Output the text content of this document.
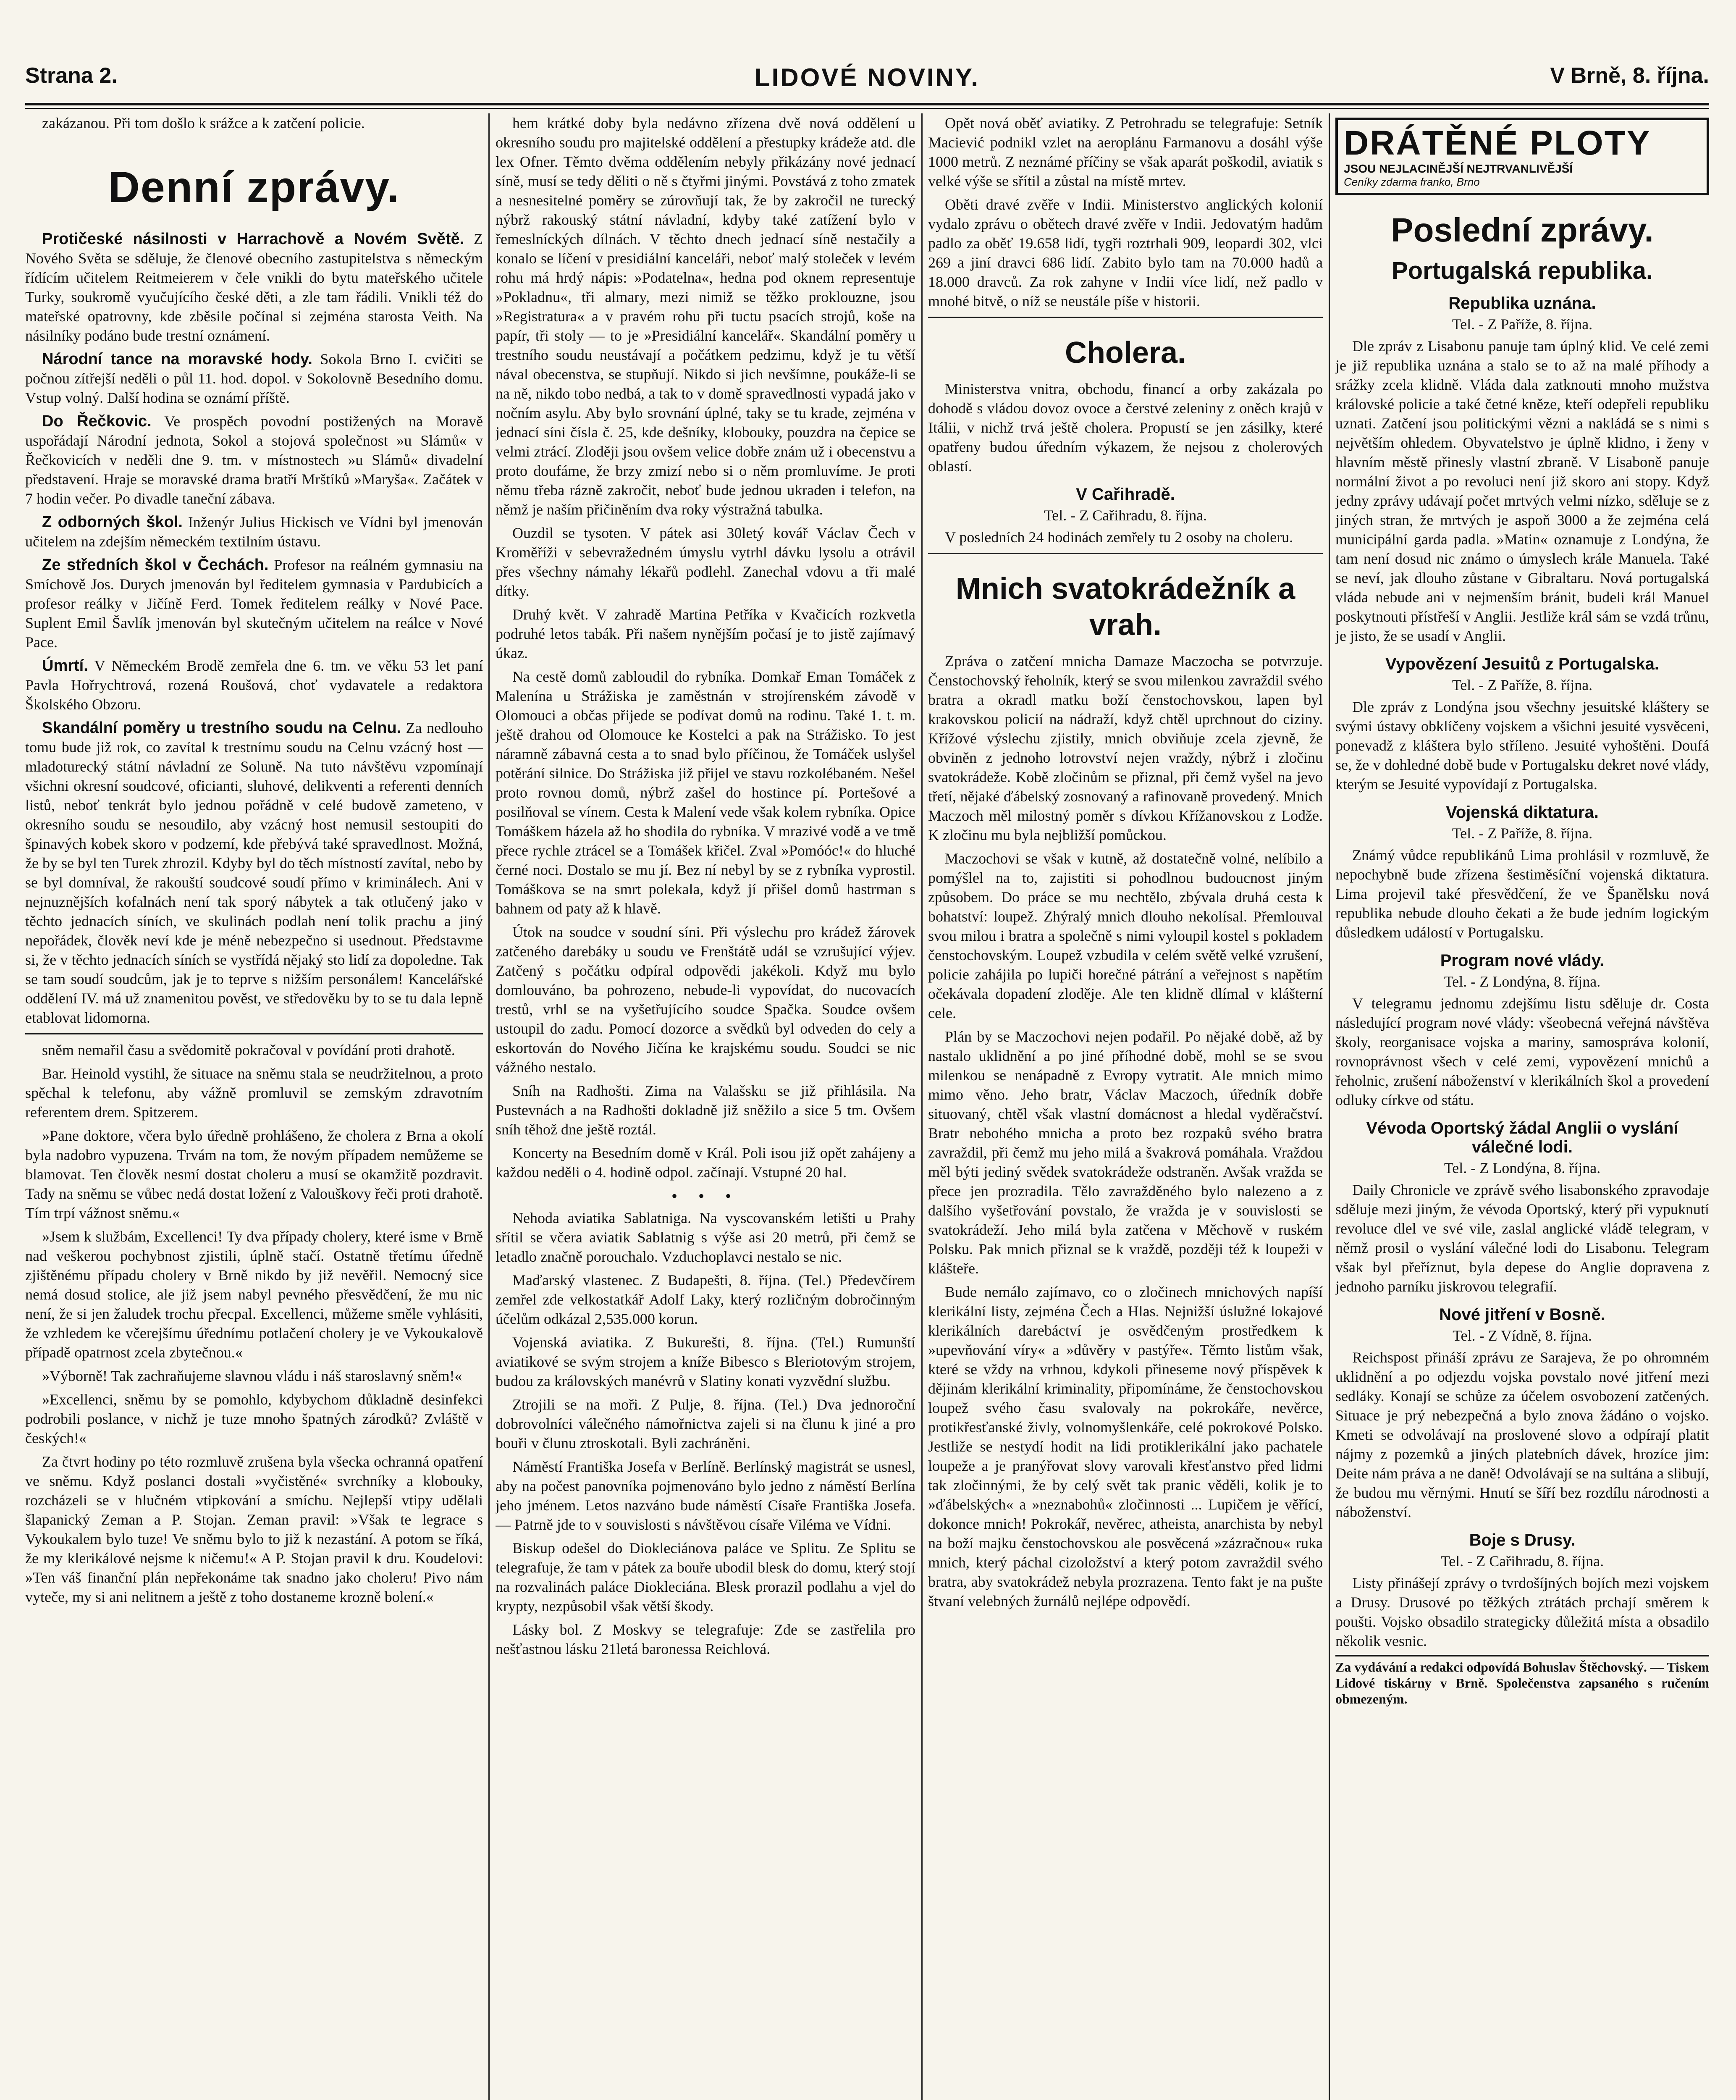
LIDOVÉ NOVINY.
Strana 2.	V Brně, 8. října.

zakázanou. Při tom došlo k srážce a k zatčení policie.

Denní zprávy.

Protičeské násilnosti v Harrachově a Novém Světě. Z Nového Světa se sděluje, že členové obecního zastupitelstva s německým řídícím učitelem Reitmeierem v čele vnikli do bytu mateřského učitele Turky, soukromě vyučujícího české děti, a zle tam řádili. Vnikli též do mateřské opatrovny, kde zběsile počínal si zejména starosta Veith. Na násilníky podáno bude trestní oznámení.

Národní tance na moravské hody. Sokola Brno I. cvičiti se počnou zítřejší neděli o půl 11. hod. dopol. v Sokolovně Besedního domu. Vstup volný. Další hodina se oznámí příště.

Do Řečkovic. Ve prospěch povodní postižených na Moravě uspořádají Národní jednota, Sokol a stojová společnost »u Slámů« v Řečkovicích v neděli dne 9. tm. v místnostech »u Slámů« divadelní představení. Hraje se moravské drama bratří Mrštíků »Maryša«. Začátek v 7 hodin večer. Po divadle taneční zábava.

Z odborných škol. Inženýr Julius Hickisch ve Vídni byl jmenován učitelem na zdejším německém textilním ústavu.

Ze středních škol v Čechách. Profesor na reálném gymnasiu na Smíchově Jos. Durych jmenován byl ředitelem gymnasia v Pardubicích a profesor reálky v Jičíně Ferd. Tomek ředitelem reálky v Nové Pace. Suplent Emil Šavlík jmenován byl skutečným učitelem na reálce v Nové Pace.

Úmrtí. V Německém Brodě zemřela dne 6. tm. ve věku 53 let paní Pavla Hořrychtrová, rozená Roušová, choť vydavatele a redaktora Školského Obzoru.

Skandální poměry u trestního soudu na Celnu. Za nedlouho tomu bude již rok, co zavítal k trestnímu soudu na Celnu vzácný host — mladoturecký státní návladní ze Soluně. Na tuto návštěvu vzpomínají všichni okresní soudcové, oficianti, sluhové, delikventi a referenti denních listů, neboť tenkrát bylo jednou pořádně v celé budově zameteno, v okresního soudu se nesoudilo, aby vzácný host nemusil sestoupiti do špinavých kobek skoro v podzemí, kde přebývá také spravedlnost. Možná, že by se byl ten Turek zhrozil. Kdyby byl do těch místností zavítal, nebo by se byl domníval, že rakouští soudcové soudí přímo v kriminálech. Ani v nejnuznějších kofalnách není tak sporý nábytek a tak otlučený jako v těchto jednacích síních, ve skulinách podlah není tolik prachu a jiný nepořádek, člověk neví kde je méně nebezpečno si usednout. Představme si, že v těchto jednacích síních se vystřídá nějaký sto lidí za dopoledne. Tak se tam soudí soudcům, jak je to teprve s nižším personálem! Kancelářské oddělení IV. má už znamenitou pověst, ve středověku by to se tu dala lepně etablovat lidomorna.

sněm nemařil času a svědomitě pokračoval v povídání proti drahotě.

Bar. Heinold vystihl, že situace na sněmu stala se neudržitelnou, a proto spěchal k telefonu, aby vážně promluvil se zemským zdravotním referentem drem. Spitzerem.

»Pane doktore, včera bylo úředně prohlášeno, že cholera z Brna a okolí byla nadobro vypuzena. Trvám na tom, že novým případem nemůžeme se blamovat. Ten člověk nesmí dostat choleru a musí se okamžitě pozdravit. Tady na sněmu se vůbec nedá dostat ložení z Valouškovy řeči proti drahotě. Tím trpí vážnost sněmu.«

»Jsem k službám, Excellenci! Ty dva případy cholery, které isme v Brně nad veškerou pochybnost zjistili, úplně stačí. Ostatně třetímu úředně zjištěnému případu cholery v Brně nikdo by již nevěřil. Nemocný sice nemá dosud stolice, ale již jsem nabyl pevného přesvědčení, že mu nic není, že si jen žaludek trochu přecpal. Excellenci, můžeme směle vyhlásiti, že vzhledem ke včerejšímu úřednímu potlačení cholery je ve Vykoukalově případě opatrnost zcela zbytečnou.«

»Výborně! Tak zachraňujeme slavnou vládu i náš staroslavný sněm!«

»Excellenci, sněmu by se pomohlo, kdybychom důkladně desinfekci podrobili poslance, v nichž je tuze mnoho špatných zárodků? Zvláště v českých!«

Za čtvrt hodiny po této rozmluvě zrušena byla všecka ochranná opatření ve sněmu. Když poslanci dostali »vyčistěné« svrchníky a klobouky, rozcházeli se v hlučném vtipkování a smíchu. Nejlepší vtipy udělali šlapanický Zeman a P. Stojan. Zeman pravil: »Však te legrace s Vykoukalem bylo tuze! Ve sněmu bylo to již k nezastání. A potom se říká, že my klerikálové nejsme k ničemu!« A P. Stojan pravil k dru. Koudelovi: »Ten váš finanční plán nepřekonáme tak snadno jako choleru! Pivo nám vyteče, my si ani nelitnem a ještě z toho dostaneme krozně bolení.«

hem krátké doby byla nedávno zřízena dvě nová oddělení u okresního soudu pro majitelské oddělení a přestupky krádeže atd. dle lex Ofner. Těmto dvěma oddělením nebyly přikázány nové jednací síně, musí se tedy děliti o ně s čtyřmi jinými. Povstává z toho zmatek a nesnesitelné poměry se zúrovňují tak, že by zakročil ne turecký nýbrž rakouský státní návladní, kdyby také zatížení bylo v řemeslníckých dílnách. V těchto dnech jednací síně nestačily a konalo se líčení v presidiální kanceláři, neboť malý stoleček v levém rohu má hrdý nápis: »Podatelna«, hedna pod oknem representuje »Pokladnu«, tři almary, mezi nimiž se těžko proklouzne, jsou »Registratura« a v pravém rohu při tuctu psacích strojů, koše na papír, tři stoly — to je »Presidiální kancelář«. Skandální poměry u trestního soudu neustávají a počátkem pedzimu, když je tu větší nával obecenstva, se stupňují. Nikdo si jich nevšímne, poukáže-li se na ně, nikdo tobo nedbá, a tak to v domě spravedlnosti vypadá jako v nočním asylu. Aby bylo srovnání úplné, taky se tu krade, zejména v jednací síni čísla č. 25, kde dešníky, klobouky, pouzdra na čepice se velmi ztrácí. Zloději jsou ovšem velice dobře znám už i obecenstvu a proto doufáme, že brzy zmizí nebo si o něm promluvíme. Je proti němu třeba rázně zakročit, neboť bude jednou ukraden i telefon, na němž je naším přičiněním dva roky výstražná tabulka.

Ouzdil se tysoten. V pátek asi 30letý kovář Václav Čech v Kroměříži v sebevražedném úmyslu vytrhl dávku lysolu a otrávil přes všechny námahy lékařů podlehl. Zanechal vdovu a tři malé dítky.

Druhý květ. V zahradě Martina Petříka v Kvačicích rozkvetla podruhé letos tabák. Při našem nynějším počasí je to jistě zajímavý úkaz.

Na cestě domů zabloudil do rybníka. Domkař Eman Tomáček z Malenína u Strážiska je zaměstnán v strojírenském závodě v Olomouci a občas přijede se podívat domů na rodinu. Také 1. t. m. ještě drahou od Olomouce ke Kostelci a pak na Strážisko. To jest náramně zábavná cesta a to snad bylo příčinou, že Tomáček uslyšel potěrání silnice. Do Strážiska již přijel ve stavu rozkolébaném. Nešel proto rovnou domů, nýbrž zašel do hostince pí. Portešové a posilňoval se vínem. Cesta k Malení vede však kolem rybníka. Opice Tomáškem házela až ho shodila do rybníka. V mrazivé vodě a ve tmě přece rychle ztrácel se a Tomášek křičel. Zval »Pomóóc!« do hluché černé noci. Dostalo se mu jí. Bez ní nebyl by se z rybníka vyprostil. Tomáškova se na smrt polekala, když jí přišel domů hastrman s bahnem od paty až k hlavě.

Útok na soudce v soudní síni. Při výslechu pro krádež žárovek zatčeného darebáky u soudu ve Frenštátě udál se vzrušující výjev. Zatčený s počátku odpíral odpovědi jakékoli. Když mu bylo domlouváno, ba pohrozeno, nebude-li vypovídat, do nucovacích trestů, vrhl se na vyšetřujícího soudce Spačka. Soudce ovšem ustoupil do zadu. Pomocí dozorce a svědků byl odveden do cely a eskortován do Nového Jičína ke krajskému soudu. Soudci se nic vážného nestalo.

Sníh na Radhošti. Zima na Valašsku se již přihlásila. Na Pustevnách a na Radhošti dokladně již sněžilo a sice 5 tm. Ovšem sníh těhož dne ještě roztál.

Koncerty na Besedním domě v Král. Poli isou již opět zahájeny a každou neděli o 4. hodině odpol. začínají. Vstupné 20 hal.

• • •

Nehoda aviatika Sablatniga. Na vyscovanském letišti u Prahy sřítil se včera aviatik Sablatnig s výše asi 20 metrů, při čemž se letadlo značně porouchalo. Vzduchoplavci nestalo se nic.

Maďarský vlastenec. Z Budapešti, 8. října. (Tel.) Předevčírem zemřel zde velkostatkář Adolf Laky, který rozličným dobročinným účelům odkázal 2,535.000 korun.

Vojenská aviatika. Z Bukurešti, 8. října. (Tel.) Rumunští aviatikové se svým strojem a kníže Bibesco s Bleriotovým strojem, budou za královských manévrů v Slatiny konati vyzvědní službu.

Ztrojili se na moři. Z Pulje, 8. října. (Tel.) Dva jednoroční dobrovolníci válečného námořnictva zajeli si na člunu k jiné a pro bouři v člunu ztroskotali. Byli zachráněni.

Náměstí Františka Josefa v Berlíně. Berlínský magistrát se usnesl, aby na počest panovníka pojmenováno bylo jedno z náměstí Berlína jeho jménem. Letos nazváno bude náměstí Císaře Františka Josefa. — Patrně jde to v souvislosti s návštěvou císaře Viléma ve Vídni.

Biskup odešel do Diokleciánova paláce ve Splitu. Ze Splitu se telegrafuje, že tam v pátek za bouře ubodil blesk do domu, který stojí na rozvalinách paláce Diokleciána. Blesk prorazil podlahu a vjel do krypty, nezpůsobil však větší škody.

Lásky bol. Z Moskvy se telegrafuje: Zde se zastřelila pro nešťastnou lásku 21letá baronessa Reichlová.

Opět nová oběť aviatiky. Z Petrohradu se telegrafuje: Setník Maciević podnikl vzlet na aeroplánu Farmanovu a dosáhl výše 1000 metrů. Z neznámé příčiny se však aparát poškodil, aviatik s velké výše se sřítil a zůstal na místě mrtev.

Oběti dravé zvěře v Indii. Ministerstvo anglických kolonií vydalo zprávu o obětech dravé zvěře v Indii. Jedovatým hadům padlo za oběť 19.658 lidí, tygři roztrhali 909, leopardi 302, vlci 269 a jiní dravci 686 lidí. Zabito bylo tam na 70.000 hadů a 18.000 dravců. Za rok zahyne v Indii více lidí, než padlo v mnohé bitvě, o níž se neustále píše v historii.

Cholera.

Ministerstva vnitra, obchodu, financí a orby zakázala po dohodě s vládou dovoz ovoce a čerstvé zeleniny z oněch krajů v Itálii, v nichž trvá ještě cholera. Propustí se jen zásilky, které opatřeny budou úředním výkazem, že nejsou z cholerových oblastí.

V Cařihradě.

Tel. - Z Cařihradu, 8. října.

V posledních 24 hodinách zemřely tu 2 osoby na choleru.

Mnich svatokrádežník a vrah.

Zpráva o zatčení mnicha Damaze Maczocha se potvrzuje. Čenstochovský řeholník, který se svou milenkou zavraždil svého bratra a okradl matku boží čenstochovskou, lapen byl krakovskou policií na nádraží, když chtěl uprchnout do ciziny. Křížové výslechu zjistily, mnich obviňuje zcela zjevně, že obviněn z jednoho lotrovství nejen vraždy, nýbrž i zločinu svatokrádeže. Kobě zločinům se přiznal, při čemž vyšel na jevo třetí, nějaké ďábelský zosnovaný a rafinovaně provedený. Mnich Maczoch měl milostný poměr s dívkou Křížanovskou z Lodže. K zločinu mu byla nejbližší pomůckou.

Maczochovi se však v kutně, až dostatečně volné, nelíbilo a pomýšlel na to, zajistiti si pohodlnou budoucnost jiným způsobem. Do práce se mu nechtělo, zbývala druhá cesta k bohatství: loupež. Zhýralý mnich dlouho nekolísal. Přemlouval svou milou i bratra a společně s nimi vyloupil kostel s pokladem čenstochovským. Loupež vzbudila v celém světě velké vzrušení, policie zahájila po lupiči horečné pátrání a veřejnost s napětím očekávala dopadení zloděje. Ale ten klidně dlímal v klášterní cele.

Plán by se Maczochovi nejen podařil. Po nějaké době, až by nastalo uklidnění a po jiné příhodné době, mohl se se svou milenkou se nenápadně z Evropy vytratit. Ale mnich mimo mimo věno. Jeho bratr, Václav Maczoch, úředník dobře situovaný, chtěl však vlastní domácnost a hledal vyděračství. Bratr nebohého mnicha a proto bez rozpaků svého bratra zavraždil, při čemž mu jeho milá a švakrová pomáhala. Vraždou měl býti jediný svědek svatokrádeže odstraněn. Avšak vražda se přece jen prozradila. Tělo zavražděného bylo nalezeno a z dalšího vyšetřování povstalo, že vražda je v souvislosti se svatokrádeží. Jeho milá byla zatčena v Měchově v ruském Polsku. Pak mnich přiznal se k vraždě, později též k loupeži v klášteře.

Bude nemálo zajímavo, co o zločinech mnichových napíší klerikální listy, zejména Čech a Hlas. Nejnižší úslužné lokajové klerikálních darebáctví je osvědčeným prostředkem k »upevňování víry« a »důvěry v pastýře«. Těmto listům však, které se vždy na vrhnou, kdykoli přineseme nový příspěvek k dějinám klerikální kriminality, připomínáme, že čenstochovskou loupež svého času svalovaly na pokrokáře, nevěrce, protikřesťanské živly, volnomyšlenkáře, celé pokrokové Polsko. Jestliže se nestydí hodit na lidi protiklerikální jako pachatele loupeže a je pranýřovat slovy varovali křesťanstvo před lidmi tak zločinnými, že by celý svět tak pranic věděli, kolik je to »ďábelských« a »neznabohů« zločinnosti ... Lupičem je věřící, dokonce mnich! Pokrokář, nevěrec, atheista, anarchista by nebyl na boží majku čenstochovskou ale posvěcená »zázračnou« ruka mnich, který páchal cizoložství a který potom zavraždil svého bratra, aby svatokrádež nebyla prozrazena. Tento fakt je na pušte štvaní velebných žurnálů nejlépe odpovědí.

DRÁTĚNÉ PLOTY
JSOU NEJLACINĚJŠÍ NEJTRVANLIVĚJŠÍ
Ceníky zdarma franko, Brno
Poslední zprávy.
Portugalská republika.
Republika uznána.

Tel. - Z Paříže, 8. října.

Dle zpráv z Lisabonu panuje tam úplný klid. Ve celé zemi je již republika uznána a stalo se to až na malé příhody a srážky zcela klidně. Vláda dala zatknouti mnoho mužstva královské policie a také četné kněze, kteří odepřeli republiku uznati. Zatčení jsou politickými vězni a nakládá se s nimi s největším ohledem. Obyvatelstvo je úplně klidno, i ženy v hlavním městě přinesly vlastní zbraně. V Lisaboně panuje normální život a po revoluci není již skoro ani stopy. Když jedny zprávy udávají počet mrtvých velmi nízko, sděluje se z jiných stran, že mrtvých je aspoň 3000 a že zejména celá municipální garda padla. »Matin« oznamuje z Londýna, že tam není dosud nic známo o úmyslech krále Manuela. Také se neví, jak dlouho zůstane v Gibraltaru. Nová portugalská vláda nebude ani v nejmenším bránit, budeli král Manuel poskytnouti přístřeší v Anglii. Jestliže král sám se vzdá trůnu, je jisto, že se usadí v Anglii.

Vypovězení Jesuitů z Portugalska.

Tel. - Z Paříže, 8. října.

Dle zpráv z Londýna jsou všechny jesuitské kláštery se svými ústavy obklíčeny vojskem a všichni jesuité vysvěceni, ponevadž z kláštera bylo stříleno. Jesuité vyhoštěni. Doufá se, že v dohledné době bude v Portugalsku dekret nové vlády, kterým se Jesuité vypovídají z Portugalska.

Vojenská diktatura.

Tel. - Z Paříže, 8. října.

Známý vůdce republikánů Lima prohlásil v rozmluvě, že nepochybně bude zřízena šestiměsíční vojenská diktatura. Lima projevil také přesvědčení, že ve Španělsku nová republika nebude dlouho čekati a že bude jedním logickým důsledkem událostí v Portugalsku.

Program nové vlády.

Tel. - Z Londýna, 8. října.

V telegramu jednomu zdejšímu listu sděluje dr. Costa následující program nové vlády: všeobecná veřejná návštěva školy, reorganisace vojska a mariny, samospráva kolonií, rovnoprávnost všech v celé zemi, vypovězení mnichů a řeholnic, zrušení náboženství v klerikálních škol a provedení odluky církve od státu.

Vévoda Oportský žádal Anglii o vyslání válečné lodi.

Tel. - Z Londýna, 8. října.

Daily Chronicle ve zprávě svého lisabonského zpravodaje sděluje mezi jiným, že vévoda Oportský, který při vypuknutí revoluce dlel ve své vile, zaslal anglické vládě telegram, v němž prosil o vyslání válečné lodi do Lisabonu. Telegram však byl přeříznut, byla depese do Anglie dopravena z jednoho parníku jiskrovou telegrafií.

Nové jitření v Bosně.

Tel. - Z Vídně, 8. října.

Reichspost přináší zprávu ze Sarajeva, že po ohromném uklidnění a po odjezdu vojska povstalo nové jitření mezi sedláky. Konají se schůze za účelem osvobození zatčených. Situace je prý nebezpečná a bylo znova žádáno o vojsko. Kmeti se odvolávají na proslovené slovo a odpírají platit nájmy z pozemků a jiných platebních dávek, hrozíce jim: Deite nám práva a ne daně! Odvolávají se na sultána a slibují, že budou mu věrnými. Hnutí se šíří bez rozdílu národnosti a náboženství.

Boje s Drusy.

Tel. - Z Cařihradu, 8. října.

Listy přinášejí zprávy o tvrdošíjných bojích mezi vojskem a Drusy. Drusové po těžkých ztrátách prchají směrem k poušti. Vojsko obsadilo strategicky důležitá místa a obsadilo několik vesnic.

Za vydávání a redakci odpovídá Bohuslav Štěchovský. — Tiskem Lidové tiskárny v Brně. Společenstva zapsaného s ručením obmezeným.
